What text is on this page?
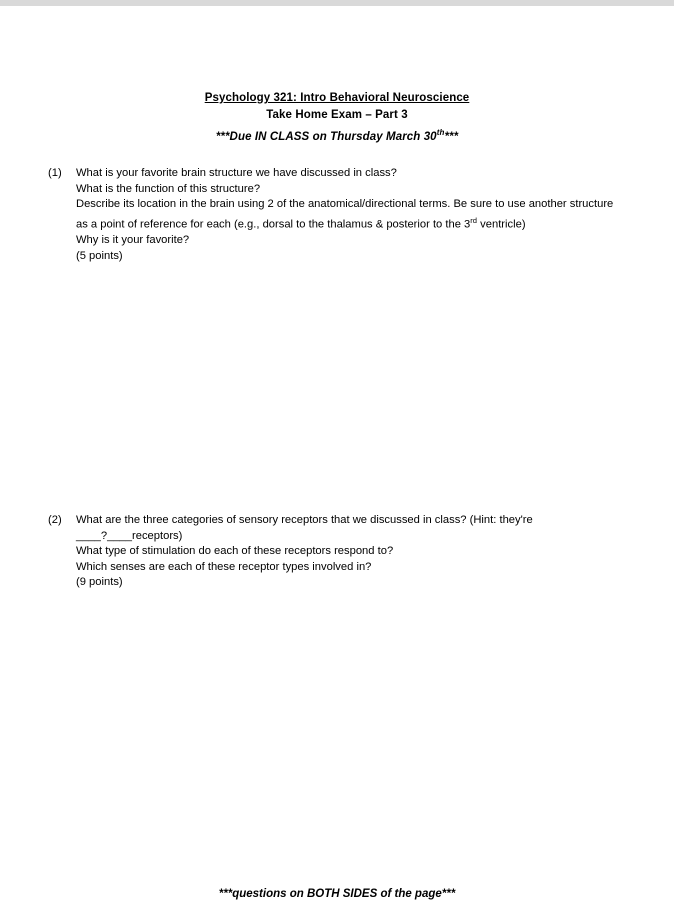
Psychology 321: Intro Behavioral Neuroscience
Take Home Exam – Part 3
***Due IN CLASS on Thursday March 30th***
(1)	What is your favorite brain structure we have discussed in class?
What is the function of this structure?
Describe its location in the brain using 2 of the anatomical/directional terms. Be sure to use another structure as a point of reference for each (e.g., dorsal to the thalamus & posterior to the 3rd ventricle)
Why is it your favorite?
(5 points)
(2)	What are the three categories of sensory receptors that we discussed in class? (Hint: they're
____?____receptors)
What type of stimulation do each of these receptors respond to?
Which senses are each of these receptor types involved in?
(9 points)
***questions on BOTH SIDES of the page***
